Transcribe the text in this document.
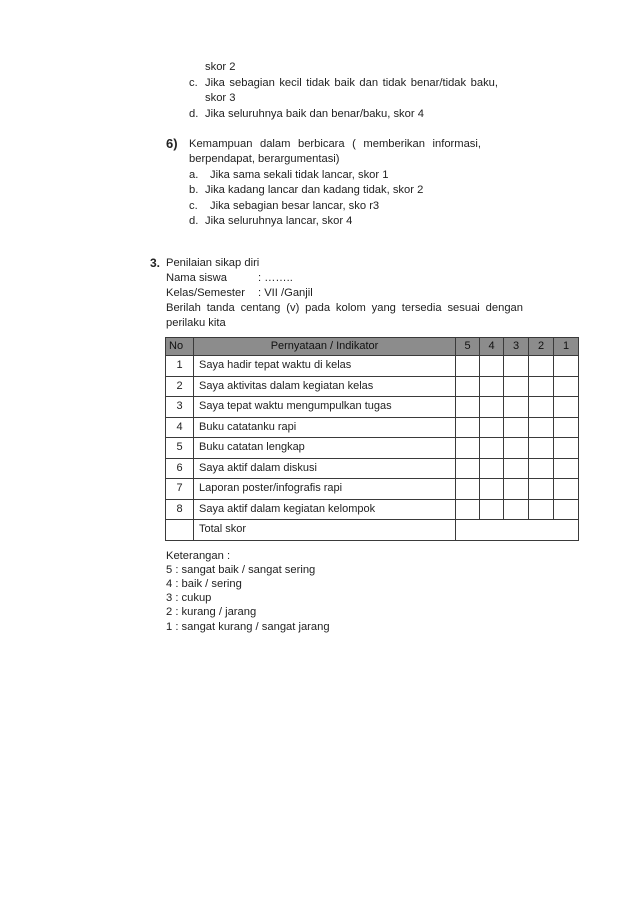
skor 2
c. Jika sebagian kecil tidak baik dan tidak benar/tidak baku,
skor 3
d. Jika seluruhnya baik dan benar/baku, skor 4
6) Kemampuan dalam berbicara ( memberikan informasi,
berpendapat, berargumentasi)
a. Jika sama sekali tidak lancar, skor 1
b. Jika kadang lancar dan kadang tidak, skor 2
c. Jika sebagian besar lancar, sko r3
d. Jika seluruhnya lancar, skor 4
3. Penilaian sikap diri
Nama siswa	: ……..
Kelas/Semester : VII /Ganjil
Berilah tanda centang (v) pada kolom yang tersedia sesuai dengan
perilaku kita
No	Pernyataan / Indikator	5	4	3	2	1
1	Saya hadir tepat waktu di kelas					
2	Saya aktivitas dalam kegiatan kelas					
3	Saya tepat waktu mengumpulkan tugas					
4	Buku catatanku rapi					
5	Buku catatan lengkap					
6	Saya aktif dalam diskusi					
7	Laporan poster/infografis rapi					
8	Saya aktif dalam kegiatan kelompok					
	Total skor					
Keterangan :
5 : sangat baik / sangat sering
4 : baik / sering
3 : cukup
2 : kurang / jarang
1 : sangat kurang / sangat jarang
